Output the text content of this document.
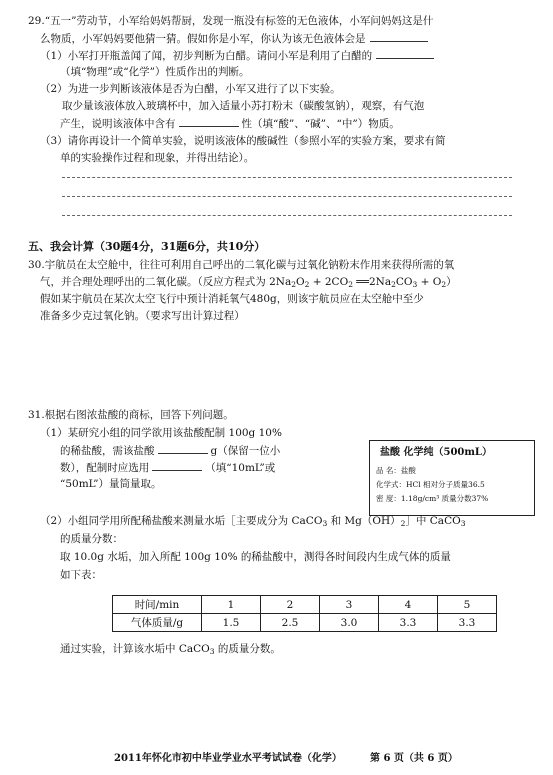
29.“五一”劳动节，小军给妈妈帮厨，发现一瓶没有标签的无色液体，小军问妈妈这是什
么物质，小军妈妈要他猜一猜。假如你是小军，你认为该无色液体会是
（1）小军打开瓶盖闻了闻，初步判断为白醋。请问小军是利用了白醋的
（填“物理”或“化学”）性质作出的判断。
（2）为进一步判断该液体是否为白醋，小军又进行了以下实验。
取少量该液体放入玻璃杯中，加入适量小苏打粉末（碳酸氢钠），观察，有气泡
产生，说明该液体中含有	性（填“酸”、“碱”、“中”）物质。
（3）请你再设计一个简单实验，说明该液体的酸碱性（参照小军的实验方案，要求有简
单的实验操作过程和现象，并得出结论）。
五、我会计算（30题4分，31题6分，共10分）
30.宇航员在太空舱中，往往可利用自己呼出的二氧化碳与过氧化钠粉末作用来获得所需的氧
气，并合理处理呼出的二氧化碳。（反应方程式为 $2Na_2O_2 + 2CO_2$ $══2Na_2CO_3 + O_2$）
假如某宇航员在某次太空飞行中预计消耗氧气480g，则该宇航员应在太空舱中至少
准备多少克过氧化钠。（要求写出计算过程）
31.根据右图浓盐酸的商标，回答下列问题。
（1）某研究小组的同学欲用该盐酸配制 100g 10%
的稀盐酸，需该盐酸	g（保留一位小
数），配制时应选用	（填“10mL”或
“50mL”）量筒量取。
盐酸 化学纯（500mL）
品 名：盐酸
化学式：HCl 相对分子质量36.5
密 度：1.18g/cm³ 质量分数37%
（2）小组同学用所配稀盐酸来测量水垢［主要成分为 CaCO$_3$ 和 $Mg(OH)_2]$中 CaCO$_3$
的质量分数：
取 10.0g 水垢，加入所配 100g 10% 的稀盐酸中，测得各时间段内生成气体的质量
如下表：
时间/min	1	2	3	4	5
气体质量/g	1.5	2.5	3.0	3.3	3.3
通过实验，计算该水垢中 CaCO$_3$ 的质量分数。
2011年怀化市初中毕业学业水平考试试卷（化学）	第 6 页（共 6 页）
